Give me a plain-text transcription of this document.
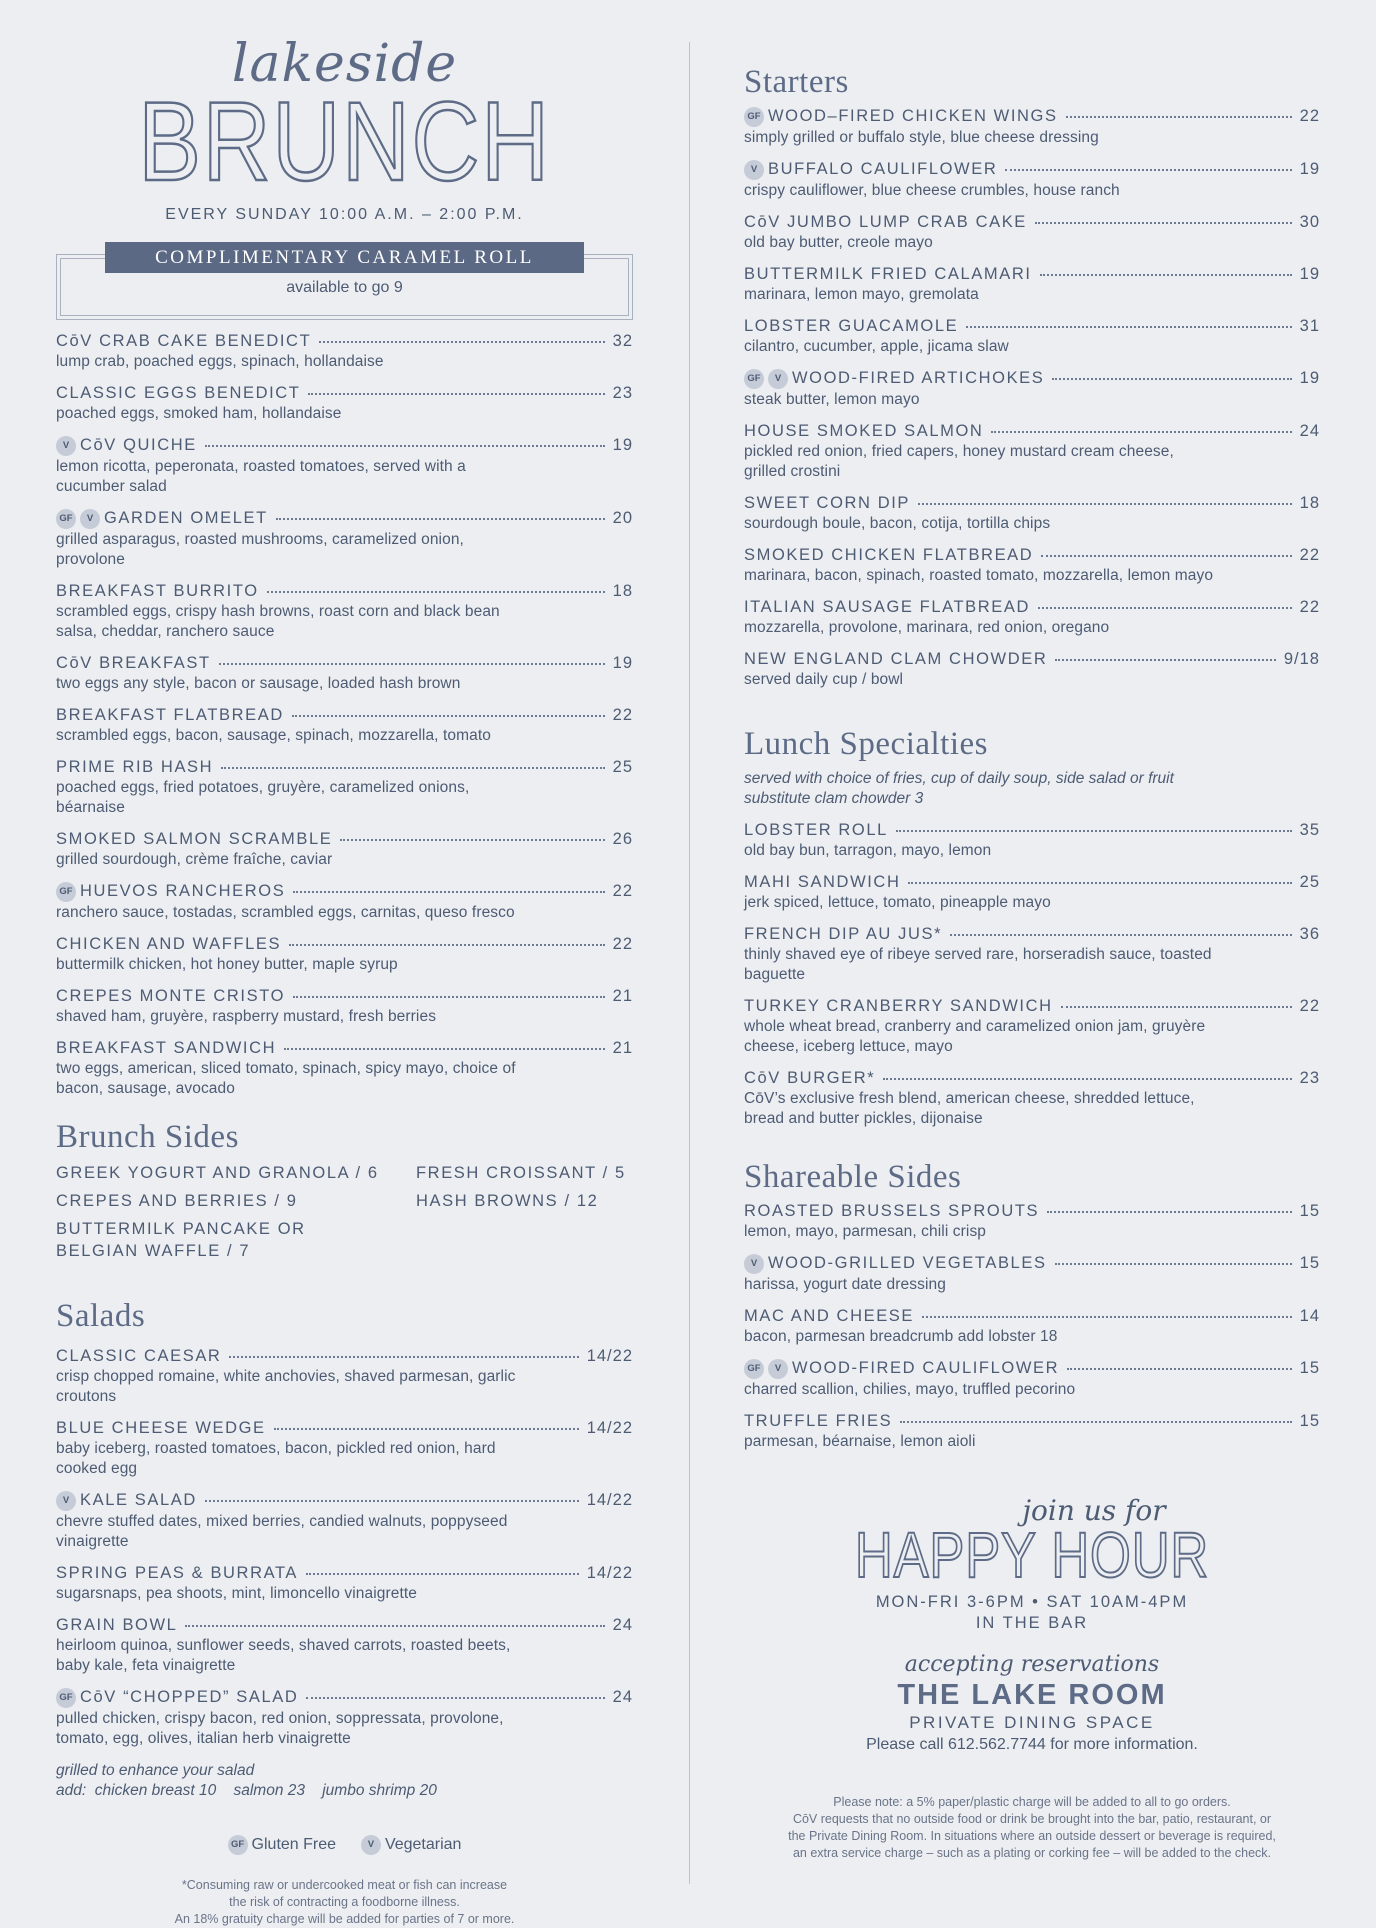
lakeside
BRUNCH
EVERY SUNDAY 10:00 A.M. – 2:00 P.M.
COMPLIMENTARY CARAMEL ROLL
available to go 9
CōV CRAB CAKE BENEDICT	32
lump crab, poached eggs, spinach, hollandaise
CLASSIC EGGS BENEDICT	23
poached eggs, smoked ham, hollandaise
V CōV QUICHE	19
lemon ricotta, peperonata, roasted tomatoes, served with a cucumber salad
GF V GARDEN OMELET	20
grilled asparagus, roasted mushrooms, caramelized onion, provolone
BREAKFAST BURRITO	18
scrambled eggs, crispy hash browns, roast corn and black bean salsa, cheddar, ranchero sauce
CōV BREAKFAST	19
two eggs any style, bacon or sausage, loaded hash brown
BREAKFAST FLATBREAD	22
scrambled eggs, bacon, sausage, spinach, mozzarella, tomato
PRIME RIB HASH	25
poached eggs, fried potatoes, gruyère, caramelized onions, béarnaise
SMOKED SALMON SCRAMBLE	26
grilled sourdough, crème fraîche, caviar
GF HUEVOS RANCHEROS	22
ranchero sauce, tostadas, scrambled eggs, carnitas, queso fresco
CHICKEN AND WAFFLES	22
buttermilk chicken, hot honey butter, maple syrup
CREPES MONTE CRISTO	21
shaved ham, gruyère, raspberry mustard, fresh berries
BREAKFAST SANDWICH	21
two eggs, american, sliced tomato, spinach, spicy mayo, choice of bacon, sausage, avocado
Brunch Sides
GREEK YOGURT AND GRANOLA / 6	FRESH CROISSANT / 5
CREPES AND BERRIES / 9	HASH BROWNS / 12
BUTTERMILK PANCAKE OR BELGIAN WAFFLE / 7
Salads
CLASSIC CAESAR	14/22
crisp chopped romaine, white anchovies, shaved parmesan, garlic croutons
BLUE CHEESE WEDGE	14/22
baby iceberg, roasted tomatoes, bacon, pickled red onion, hard cooked egg
V KALE SALAD	14/22
chevre stuffed dates, mixed berries, candied walnuts, poppyseed vinaigrette
SPRING PEAS & BURRATA	14/22
sugarsnaps, pea shoots, mint, limoncello vinaigrette
GRAIN BOWL	24
heirloom quinoa, sunflower seeds, shaved carrots, roasted beets, baby kale, feta vinaigrette
GF CōV “CHOPPED” SALAD	24
pulled chicken, crispy bacon, red onion, soppressata, provolone, tomato, egg, olives, italian herb vinaigrette
grilled to enhance your salad
add:  chicken breast 10    salmon 23    jumbo shrimp 20
GF Gluten Free	V Vegetarian
*Consuming raw or undercooked meat or fish can increase
the risk of contracting a foodborne illness.
An 18% gratuity charge will be added for parties of 7 or more.
Starters
GF WOOD–FIRED CHICKEN WINGS	22
simply grilled or buffalo style, blue cheese dressing
V BUFFALO CAULIFLOWER	19
crispy cauliflower, blue cheese crumbles, house ranch
CōV JUMBO LUMP CRAB CAKE	30
old bay butter, creole mayo
BUTTERMILK FRIED CALAMARI	19
marinara, lemon mayo, gremolata
LOBSTER GUACAMOLE	31
cilantro, cucumber, apple, jicama slaw
GF V WOOD-FIRED ARTICHOKES	19
steak butter, lemon mayo
HOUSE SMOKED SALMON	24
pickled red onion, fried capers, honey mustard cream cheese, grilled crostini
SWEET CORN DIP	18
sourdough boule, bacon, cotija, tortilla chips
SMOKED CHICKEN FLATBREAD	22
marinara, bacon, spinach, roasted tomato, mozzarella, lemon mayo
ITALIAN SAUSAGE FLATBREAD	22
mozzarella, provolone, marinara, red onion, oregano
NEW ENGLAND CLAM CHOWDER	9/18
served daily cup / bowl
Lunch Specialties
served with choice of fries, cup of daily soup, side salad or fruit substitute clam chowder 3
LOBSTER ROLL	35
old bay bun, tarragon, mayo, lemon
MAHI SANDWICH	25
jerk spiced, lettuce, tomato, pineapple mayo
FRENCH DIP AU JUS*	36
thinly shaved eye of ribeye served rare, horseradish sauce, toasted baguette
TURKEY CRANBERRY SANDWICH	22
whole wheat bread, cranberry and caramelized onion jam, gruyère cheese, iceberg lettuce, mayo
CōV BURGER*	23
CōV’s exclusive fresh blend, american cheese, shredded lettuce, bread and butter pickles, dijonaise
Shareable Sides
ROASTED BRUSSELS SPROUTS	15
lemon, mayo, parmesan, chili crisp
V WOOD-GRILLED VEGETABLES	15
harissa, yogurt date dressing
MAC AND CHEESE	14
bacon, parmesan breadcrumb add lobster 18
GF V WOOD-FIRED CAULIFLOWER	15
charred scallion, chilies, mayo, truffled pecorino
TRUFFLE FRIES	15
parmesan, béarnaise, lemon aioli
join us for
HAPPY HOUR
MON-FRI 3-6PM • SAT 10AM-4PM
IN THE BAR
accepting reservations
THE LAKE ROOM
PRIVATE DINING SPACE
Please call 612.562.7744 for more information.
Please note: a 5% paper/plastic charge will be added to all to go orders.
CōV requests that no outside food or drink be brought into the bar, patio, restaurant, or
the Private Dining Room. In situations where an outside dessert or beverage is required,
an extra service charge – such as a plating or corking fee – will be added to the check.
